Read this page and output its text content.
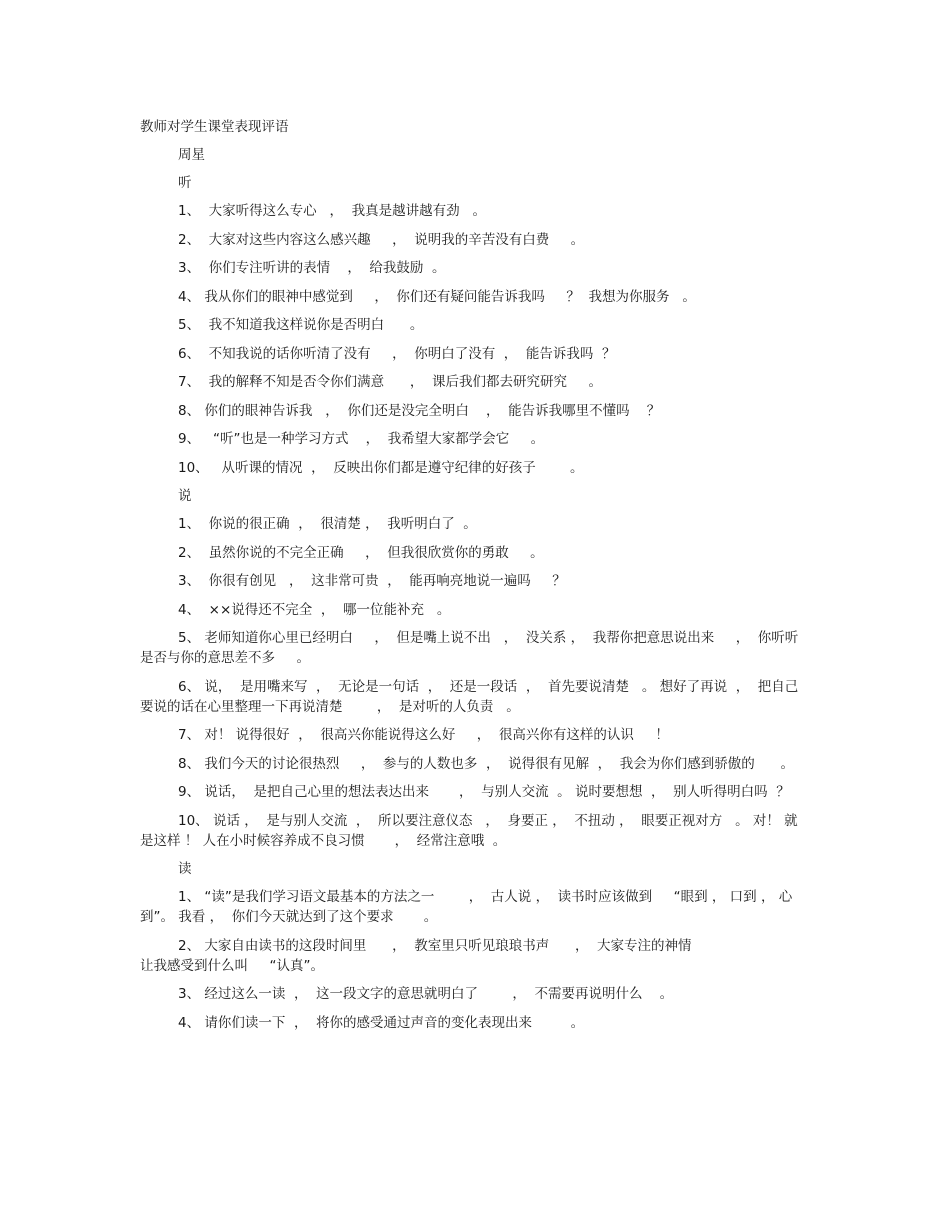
教师对学生课堂表现评语
周星
听
1、  大家听得这么专心   ，  我真是越讲越有劲   。
2、  大家对这些内容这么感兴趣     ，  说明我的辛苦没有白费     。
3、  你们专注听讲的表情    ，  给我鼓励  。
4、 我从你们的眼神中感觉到     ，  你们还有疑问能告诉我吗     ？  我想为你服务   。
5、  我不知道我这样说你是否明白      。
6、  不知我说的话你听清了没有     ，  你明白了没有  ，  能告诉我吗  ？
7、  我的解释不知是否令你们满意      ，  课后我们都去研究研究     。
8、 你们的眼神告诉我   ，  你们还是没完全明白    ，  能告诉我哪里不懂吗    ？
9、   “听”也是一种学习方式    ，  我希望大家都学会它     。
10、   从听课的情况  ，  反映出你们都是遵守纪律的好孩子        。
说
1、  你说的很正确  ，  很清楚 ，  我听明白了  。
2、  虽然你说的不完全正确     ，  但我很欣赏你的勇敢     。
3、  你很有创见   ，  这非常可贵  ，  能再响亮地说一遍吗     ？
4、  ××说得还不完全  ，  哪一位能补充   。
5、 老师知道你心里已经明白     ，  但是嘴上说不出   ，  没关系 ，  我帮你把意思说出来     ，  你听听是否与你的意思差不多     。
6、 说，  是用嘴来写  ，  无论是一句话  ，  还是一段话  ，  首先要说清楚   。 想好了再说  ，  把自己要说的话在心里整理一下再说清楚        ，  是对听的人负责   。
7、 对！ 说得很好  ，  很高兴你能说得这么好     ，  很高兴你有这样的认识     ！
8、 我们今天的讨论很热烈     ，  参与的人数也多  ，  说得很有见解  ，  我会为你们感到骄傲的      。
9、 说话，  是把自己心里的想法表达出来       ，  与别人交流  。 说时要想想  ，  别人听得明白吗  ？
10、 说话 ，  是与别人交流  ，  所以要注意仪态   ，  身要正 ，  不扭动 ，  眼要正视对方   。 对！ 就是这样 ！ 人在小时候容养成不良习惯       ，  经常注意哦  。
读
1、 “读”是我们学习语文最基本的方法之一        ，  古人说 ，  读书时应该做到     “眼到 ， 口到 ， 心到”。 我看 ，  你们今天就达到了这个要求       。
2、 大家自由读书的这段时间里      ，  教室里只听见琅琅书声      ，  大家专注的神情
让我感受到什么叫     “认真”。
3、 经过这么一读  ，  这一段文字的意思就明白了        ，  不需要再说明什么    。
4、 请你们读一下  ，  将你的感受通过声音的变化表现出来         。
